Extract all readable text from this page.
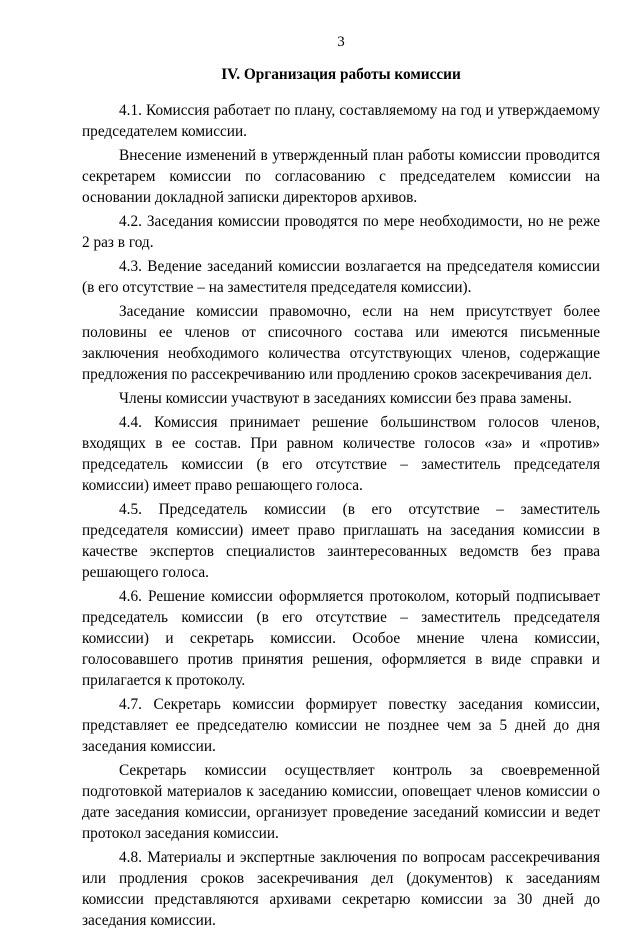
3
IV. Организация работы комиссии

4.1. Комиссия работает по плану, составляемому на год и утверждаемому председателем комиссии.

Внесение изменений в утвержденный план работы комиссии проводится секретарем комиссии по согласованию с председателем комиссии на основании докладной записки директоров архивов.

4.2. Заседания комиссии проводятся по мере необходимости, но не реже 2 раз в год.

4.3. Ведение заседаний комиссии возлагается на председателя комиссии (в его отсутствие – на заместителя председателя комиссии).

Заседание комиссии правомочно, если на нем присутствует более половины ее членов от списочного состава или имеются письменные заключения необходимого количества отсутствующих членов, содержащие предложения по рассекречиванию или продлению сроков засекречивания дел.

Члены комиссии участвуют в заседаниях комиссии без права замены.

4.4. Комиссия принимает решение большинством голосов членов, входящих в ее состав. При равном количестве голосов «за» и «против» председатель комиссии (в его отсутствие – заместитель председателя комиссии) имеет право решающего голоса.

4.5. Председатель комиссии (в его отсутствие – заместитель председателя комиссии) имеет право приглашать на заседания комиссии в качестве экспертов специалистов заинтересованных ведомств без права решающего голоса.

4.6. Решение комиссии оформляется протоколом, который подписывает председатель комиссии (в его отсутствие – заместитель председателя комиссии) и секретарь комиссии. Особое мнение члена комиссии, голосовавшего против принятия решения, оформляется в виде справки и прилагается к протоколу.

4.7. Секретарь комиссии формирует повестку заседания комиссии, представляет ее председателю комиссии не позднее чем за 5 дней до дня заседания комиссии.

Секретарь комиссии осуществляет контроль за своевременной подготовкой материалов к заседанию комиссии, оповещает членов комиссии о дате заседания комиссии, организует проведение заседаний комиссии и ведет протокол заседания комиссии.

4.8. Материалы и экспертные заключения по вопросам рассекречивания или продления сроков засекречивания дел (документов) к заседаниям комиссии представляются архивами секретарю комиссии за 30 дней до заседания комиссии.
